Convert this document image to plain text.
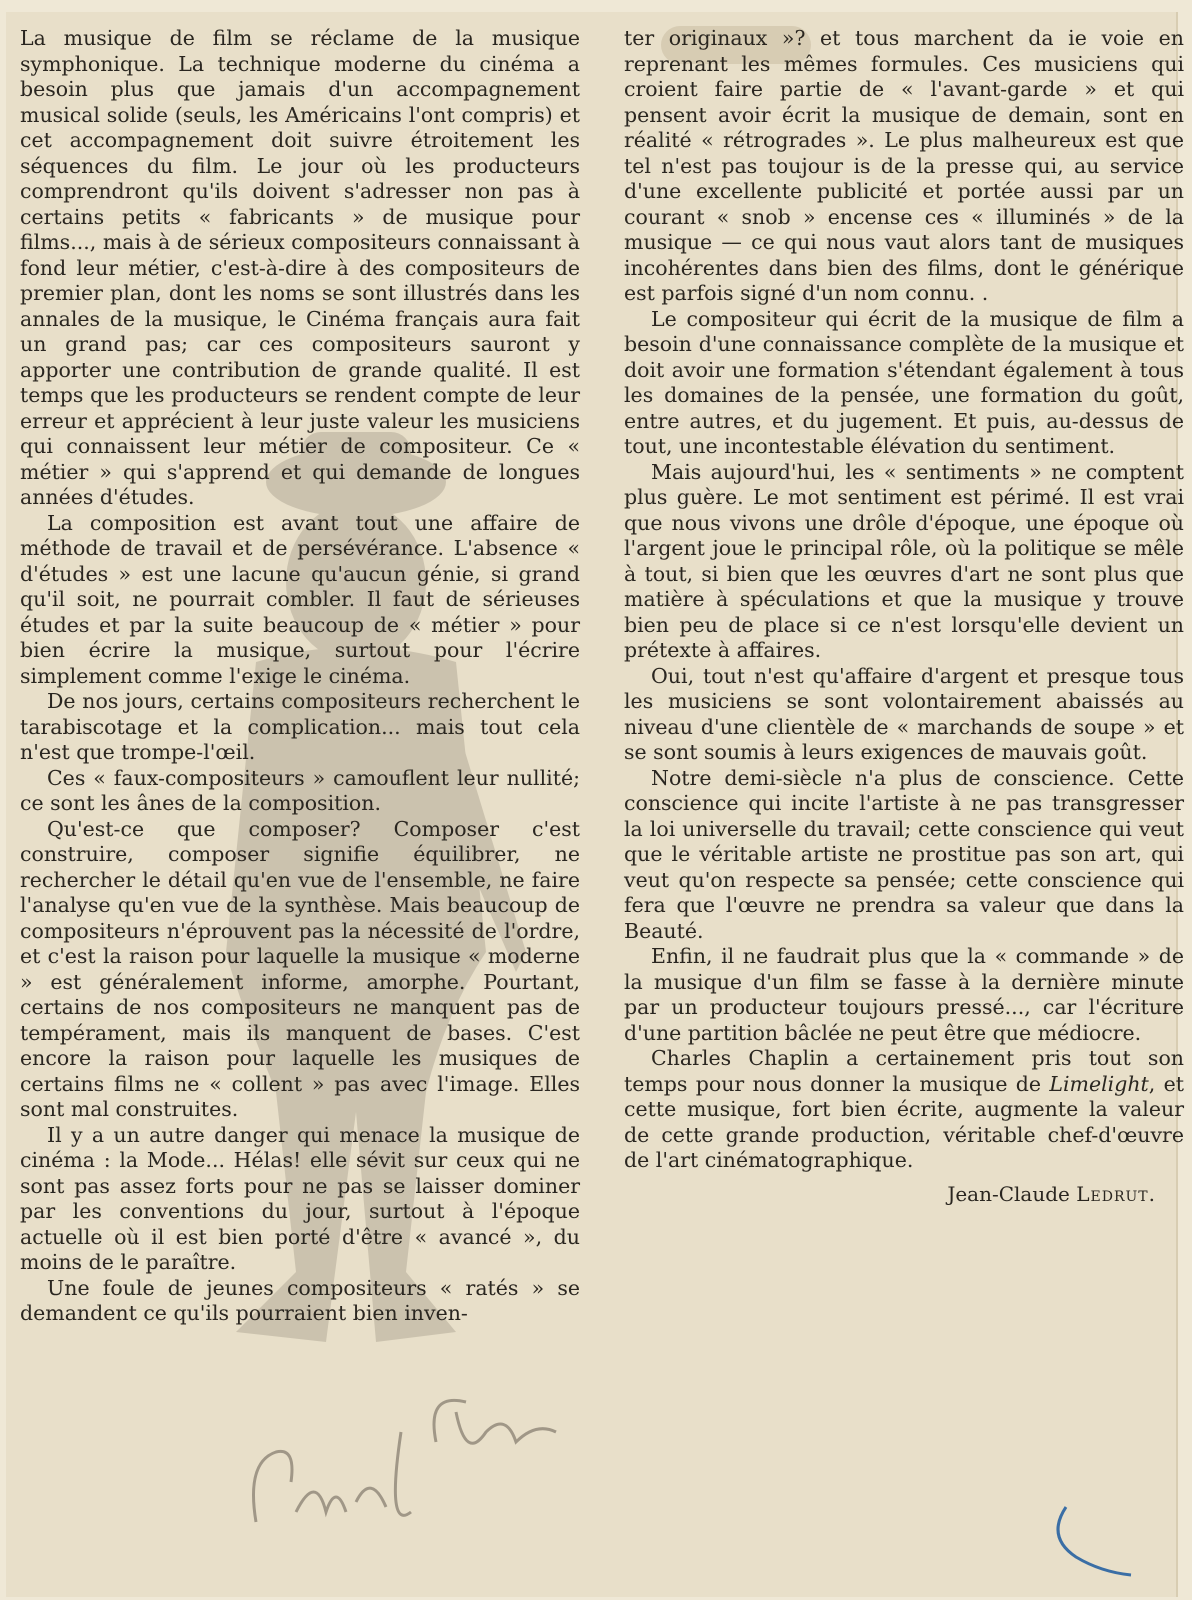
La musique de film se réclame de la musique symphonique. La technique moderne du cinéma a besoin plus que jamais d'un accompagnement musical solide (seuls, les Américains l'ont compris) et cet accompagnement doit suivre étroitement les séquences du film. Le jour où les producteurs comprendront qu'ils doivent s'adresser non pas à certains petits « fabricants » de musique pour films..., mais à de sérieux compositeurs connaissant à fond leur métier, c'est-à-dire à des compositeurs de premier plan, dont les noms se sont illustrés dans les annales de la musique, le Cinéma français aura fait un grand pas; car ces compositeurs sauront y apporter une contribution de grande qualité. Il est temps que les producteurs se rendent compte de leur erreur et apprécient à leur juste valeur les musiciens qui connaissent leur métier de compositeur. Ce « métier » qui s'apprend et qui demande de longues années d'études.

La composition est avant tout une affaire de méthode de travail et de persévérance. L'absence « d'études » est une lacune qu'aucun génie, si grand qu'il soit, ne pourrait combler. Il faut de sérieuses études et par la suite beaucoup de « métier » pour bien écrire la musique, surtout pour l'écrire simplement comme l'exige le cinéma.

De nos jours, certains compositeurs recherchent le tarabiscotage et la complication... mais tout cela n'est que trompe-l'œil.

Ces « faux-compositeurs » camouflent leur nullité; ce sont les ânes de la composition.

Qu'est-ce que composer? Composer c'est construire, composer signifie équilibrer, ne rechercher le détail qu'en vue de l'ensemble, ne faire l'analyse qu'en vue de la synthèse. Mais beaucoup de compositeurs n'éprouvent pas la nécessité de l'ordre, et c'est la raison pour laquelle la musique « moderne » est généralement informe, amorphe. Pourtant, certains de nos compositeurs ne manquent pas de tempérament, mais ils manquent de bases. C'est encore la raison pour laquelle les musiques de certains films ne « collent » pas avec l'image. Elles sont mal construites.

Il y a un autre danger qui menace la musique de cinéma : la Mode... Hélas! elle sévit sur ceux qui ne sont pas assez forts pour ne pas se laisser dominer par les conventions du jour, surtout à l'époque actuelle où il est bien porté d'être « avancé », du moins de le paraître.

Une foule de jeunes compositeurs « ratés » se demandent ce qu'ils pourraient bien inven-

ter originaux »? et tous marchent da ie voie en reprenant les mêmes formules. Ces musiciens qui croient faire partie de « l'avant-garde » et qui pensent avoir écrit la musique de demain, sont en réalité « rétrogrades ». Le plus malheureux est que tel n'est pas toujour is de la presse qui, au service d'une excellente publicité et portée aussi par un courant « snob » encense ces « illuminés » de la musique — ce qui nous vaut alors tant de musiques incohérentes dans bien des films, dont le générique est parfois signé d'un nom connu. .

Le compositeur qui écrit de la musique de film a besoin d'une connaissance complète de la musique et doit avoir une formation s'étendant également à tous les domaines de la pensée, une formation du goût, entre autres, et du jugement. Et puis, au-dessus de tout, une incontestable élévation du sentiment.

Mais aujourd'hui, les « sentiments » ne comptent plus guère. Le mot sentiment est périmé. Il est vrai que nous vivons une drôle d'époque, une époque où l'argent joue le principal rôle, où la politique se mêle à tout, si bien que les œuvres d'art ne sont plus que matière à spéculations et que la musique y trouve bien peu de place si ce n'est lorsqu'elle devient un prétexte à affaires.

Oui, tout n'est qu'affaire d'argent et presque tous les musiciens se sont volontairement abaissés au niveau d'une clientèle de « marchands de soupe » et se sont soumis à leurs exigences de mauvais goût.

Notre demi-siècle n'a plus de conscience. Cette conscience qui incite l'artiste à ne pas transgresser la loi universelle du travail; cette conscience qui veut que le véritable artiste ne prostitue pas son art, qui veut qu'on respecte sa pensée; cette conscience qui fera que l'œuvre ne prendra sa valeur que dans la Beauté.

Enfin, il ne faudrait plus que la « commande » de la musique d'un film se fasse à la dernière minute par un producteur toujours pressé..., car l'écriture d'une partition bâclée ne peut être que médiocre.

Charles Chaplin a certainement pris tout son temps pour nous donner la musique de Limelight, et cette musique, fort bien écrite, augmente la valeur de cette grande production, véritable chef-d'œuvre de l'art cinématographique.

Jean-Claude Ledrut.
